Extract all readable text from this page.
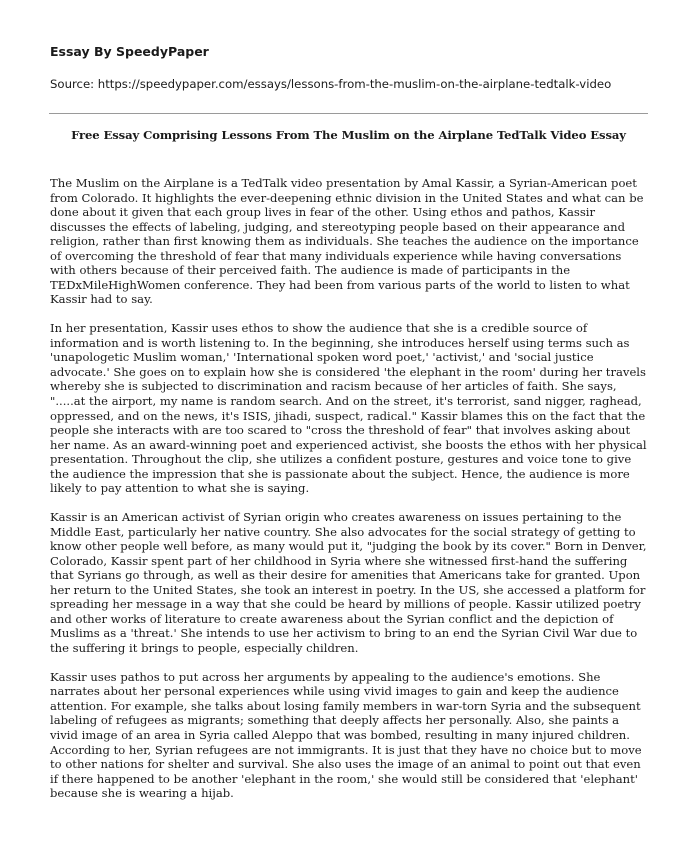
Essay By SpeedyPaper
Source: https://speedypaper.com/essays/lessons-from-the-muslim-on-the-airplane-tedtalk-video
Free Essay Comprising Lessons From The Muslim on the Airplane TedTalk Video Essay

The Muslim on the Airplane is a TedTalk video presentation by Amal Kassir, a Syrian-American poet from Colorado. It highlights the ever-deepening ethnic division in the United States and what can be done about it given that each group lives in fear of the other. Using ethos and pathos, Kassir discusses the effects of labeling, judging, and stereotyping people based on their appearance and religion, rather than first knowing them as individuals. She teaches the audience on the importance of overcoming the threshold of fear that many individuals experience while having conversations with others because of their perceived faith. The audience is made of participants in the TEDxMileHighWomen conference. They had been from various parts of the world to listen to what Kassir had to say.

In her presentation, Kassir uses ethos to show the audience that she is a credible source of information and is worth listening to. In the beginning, she introduces herself using terms such as 'unapologetic Muslim woman,' 'International spoken word poet,' 'activist,' and 'social justice advocate.' She goes on to explain how she is considered 'the elephant in the room' during her travels whereby she is subjected to discrimination and racism because of her articles of faith. She says, ".....at the airport, my name is random search. And on the street, it's terrorist, sand nigger, raghead, oppressed, and on the news, it's ISIS, jihadi, suspect, radical." Kassir blames this on the fact that the people she interacts with are too scared to "cross the threshold of fear" that involves asking about her name. As an award-winning poet and experienced activist, she boosts the ethos with her physical presentation. Throughout the clip, she utilizes a confident posture, gestures and voice tone to give the audience the impression that she is passionate about the subject. Hence, the audience is more likely to pay attention to what she is saying.

Kassir is an American activist of Syrian origin who creates awareness on issues pertaining to the Middle East, particularly her native country. She also advocates for the social strategy of getting to know other people well before, as many would put it, "judging the book by its cover." Born in Denver, Colorado, Kassir spent part of her childhood in Syria where she witnessed first-hand the suffering that Syrians go through, as well as their desire for amenities that Americans take for granted. Upon her return to the United States, she took an interest in poetry. In the US, she accessed a platform for spreading her message in a way that she could be heard by millions of people. Kassir utilized poetry and other works of literature to create awareness about the Syrian conflict and the depiction of Muslims as a 'threat.' She intends to use her activism to bring to an end the Syrian Civil War due to the suffering it brings to people, especially children.

Kassir uses pathos to put across her arguments by appealing to the audience's emotions. She narrates about her personal experiences while using vivid images to gain and keep the audience attention. For example, she talks about losing family members in war-torn Syria and the subsequent labeling of refugees as migrants; something that deeply affects her personally. Also, she paints a vivid image of an area in Syria called Aleppo that was bombed, resulting in many injured children. According to her, Syrian refugees are not immigrants. It is just that they have no choice but to move to other nations for shelter and survival. She also uses the image of an animal to point out that even if there happened to be another 'elephant in the room,' she would still be considered that 'elephant' because she is wearing a hijab.
